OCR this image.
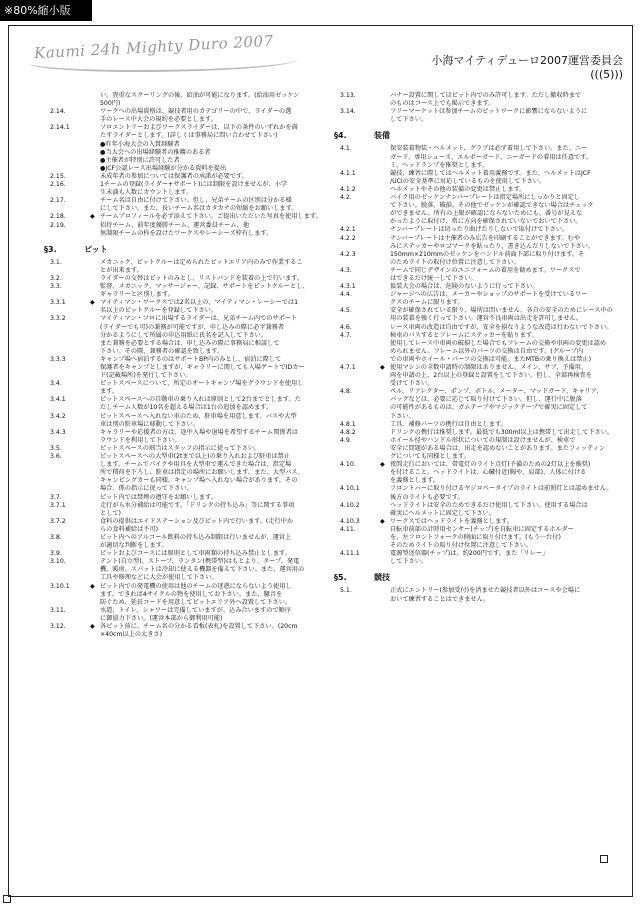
※80%縮小版
Kaumi 24h Mighty Duro 2007	小海マイティデューロ2007運営委員会
(((5)))
い。貴重なスクーリングの後、給油が可能になります。(給油用ゼッケン
500円)
2.14.	ワークへの出場資格は、競技者用のカテゴリーの中で、ライダーの選
手のレース中大会の規約を必要とします。
2.14.1	ソロエントリーおよびワークスライダーは、以下の条件のいずれかを満
たすライダーとします。(詳しくは事務局に問い合わせて下さい)
●昨年小海大会の入賞経験者
●当大会への出場経験者の推薦のある者
●主催者が特別に許可した者
●JCF公認レース出場経験が分かる資料を提出
2.15.	未成年者の参加については保護者の承諾が必要です。
2.16.	1チームの登録(ライダー+サポート)には制限を設けませんが、小学
生未満も人数にカウントします。
2.17.	チーム名は自由に付けて下さい。但し、兄弟チームの区別は分かる様
にして下さい。また、長いチーム名はカタカナの短縮をお願いします。
2.18.	◆ チームプロフィールを必ず添えて下さい。ご提出いただいた写真を使用します。
2.19.	招待チーム、前年度優勝チーム、運営委員チーム、他
無制限チームの枠を設けたワークスやレーシーズ枠有します。
§3.	ピット
3.1.	メカニック、ピットクルーは定められたピットエリア内のみで作業するこ
とが出来ます。
3.2.	ライダーの交替はピットのみとし、リストバンドを装着の上で行います。
3.3.	監督、メカニック、マッサージャー、記録、サポートをピットクルーとし、
ギャラリーと区別します。
3.3.1	◆ マイティマン・ワークスでは2名以上の、マイティマン・レーシーでは1
名以上のピットクルーを登録して下さい。
3.3.2	マイティマン・ソロに出場するライダーは、兄弟チーム内でのサポート
(ライダーでも可)の兼務が可能ですが、申し込みの際に必ず兼務者
分かるようにして所属の申込用紙に氏名を記入して下さい。
また兼務を必要とする場合は、申し込みの際に事務局に相談して
下さい。その際、兼務者の確認を致します。
3.3.3	キャンプ場へ宿泊するのはサポートBP内のみとし、宿泊に際して
保護者をキャンプとしますが、ギャラリーに関しても入場ゲートでIDカー
ド(記載場所)を発行して下さい。
3.4.	ピットスペースについて、所定のオートキャンプ場をグラウンドを使用し
ます。
3.4.1	ピットスペースへの自動車の乗り入れは原則として2台までとします。た
だしチーム人数が10名を超える場合は1台の追加を認めます。
3.4.2	ピットスペースへ入れない車のため、駐車場を用意します。バスや大型
車は別の駐車場に移動して下さい。
3.4.3	キャラリーや応援者の方は、途中入場や退場を希望するチーム関係者は
ラウンドを利用して下さい。
3.5.	ピットスペースの割当はスタッフの指示に従って下さい。
3.6.	ピットスペースへの大型車(2tまで以上)の乗り入れおよび駐車は禁止
します。チームでパイクや用具を大型車で運んできた場合は、指定場
所で積荷を下ろし、駐車は指定の場所にお願いします。また、大型バス、
キャンピングカーも同様。キャンプ場へ入れない場合があります。その
場合、係の指示に従って下さい。
3.7.	ピット内では禁煙の遵守をお願いします。
3.7.1	走行がら水分補給は可能です。「ドリンクの持ち込み」等に関する事項
として)
3.7.2	食料の提供はエイドステーション及びピット内で行います。(走行中か
らの食料補給は不可)
3.8.	ピット内へのアルコール飲料の持ち込み制限は行いませんが、運営上
が適切な判断をします。
3.9.	ピットおよびコースには原則として車両類の持ち込み禁止とします。
3.10.	テント(自立型)、ストーブ、ランタン(携帯型)はもとより、タープ、発電
機、暖房、スパットは冷却に使える機器を備えて下さい。また、運営用の
工具や修理などに大会が使用して下さい。
3.10.1	◆ ピット内での発電機の使用は他のチームの迷惑にならないよう使用し
ます。できれば4サイクルの物を使用してお下さい。また、騒音を
防ぐため、延長コードを用意してピットエリア外へ設置して下さい。
3.11.	水道、トイレ、シャワーは完備していますが、込み合いますので順序
に御協力下さい。(運営本部から御利用可能)
3.12.	◆ 各ピット前に、チーム名の分かる看板(表札)を設置して下さい。(20cm
×40cm以上の大きさ)
3.13.	バナー設置に関してはピット内でのみ許可します。ただし撤収時まで
のものはコース上でも掲示できます。
3.14.	フリーマーケットは参加チームのピットワークに影響にならないように
して下さい。
§4.	装備
4.1.	保安装着物装・ヘルメット、グラブは必ず着用して下さい。また、ニー
ガード、専用シューズ、エルボーガード、ニーガードの着用は任意です。
ミ、ヘッドランプを推奨とします。
4.1.1	競技、練習に際してはヘルメット着用義務です。また、ヘルメットはJCF
/UCIの安全基準に対応しているものを使用して下さい。
4.1.2	ヘルメットやその他の装備の変更は禁止します。
4.2.	バイク用のゼッケンナンバープレートは指定場所にしっかりと固定し
て下さい。脱落、破損、その他でゼッケンが確認できない場合はチェック
ができません。所有の上限が確認にならないためにも、番号が見えな
かったように取付け、常に方向を確保されていないでおいて下さい。
4.2.1	ナンバープレートは切ったり曲げたりしないで取付けて下さい。
4.2.2	ナンバープレートは主催者のみ広告を印刷することができます。むや
みにステッカーやロゴマークを貼ったり、書き込んだりしないで下さい。
4.2.3	150mm×210mmのゼッケンをハンドル前面下部に取り付けます。そ
のためライトの取付け位置に注意して下さい。
4.3.	チームで同じデザインのユニフォームの着用を勧めます。ワークスで
はできるだけ統一して下さい。
4.3.1	仮装大会の場合は、危険のないように行って下さい。
4.4.	ジャージへの広告は、メーカーやショップのサポートを受けているワー
クスのチームに限ります。
4.5.	安全が確保されている限り、場所は問いません。各自の安全のためにレース中の
用の装着を強く行って下さい。運営不良車両は出走を許可しません。
4.6.	レース車両の改造は自由ですが、安全を損なうような改造は行わないで下さい。
4.7.	検車のパスするとフレームにステッカーを貼ります。
使用してレース中車両の破損した場合でもフレームの交換や車両の変更は認め
められません。フレーム以外のパーツの交換は自由です。(グループ内
での車両やホイール・パーツの交換は可能。またMTBの乗り換えは禁止)
4.7.1	◆ 使用マシンの全数申請時の制限はありません。メイン、サブ、予備用、
両を申請の上、2台以上の登録と設置をして下さい。但し、全部再検査を
受けて下さい。
4.8.	ペル、リフレクター、ポンプ、ボトル、メーター、マッドガード、キャリア、
バッグなどは、必要に応じて取り付けて下さい。但し、運行中に脱落
の可能性があるものは、ガムテープやマジックテープで確実に固定して
下さい。
4.8.1	工具、補修パーツの携行は自由とします。
4.8.2	ドリンクの携行は推奨します。最低でも300ml以上は携帯して出走して下さい。
4.9.	ホイール径やハンドル形状についての規制は設けませんが、検車で
安全に問題がある場合は、出走を認めないことがあります。またフィッティン
グについても同様とします。
4.10.	◆ 夜間走行においては、帯電灯のライト点灯(予備のための2灯以上を推奨)
を付けること。ヘッドライトは、心臓付近(胸や、肩部)、人体に付ける
を義務とします。
4.10.1	フロントバーに取り付けるヤジロベータイプのライトは前照灯とは認めません。
後方のライトも必要です。
4.10.2	ヘッドライトは安全のためできるだけ使用して下さい。使用する場合は
確実にヘルメットに固定して下さい。
4.10.3	◆ ワークスではヘッドライトを義務とします。
4.11.	自転車前部の計時用センサー(チップ)を自転車に固定するホルダー
を、左フロントフォークの側面に取り付けます。(もう一台付)
そのためライトの取り付け位置に注意して下さい。
4.11.1	電源型送信器(チップ)は、約200円です。また「リレー」
して下さい。
§5.	競技
5.1.	正式にエントリー(参加受付)を済ませた競技者以外はコースや会場に
おいて練習することはできません。
